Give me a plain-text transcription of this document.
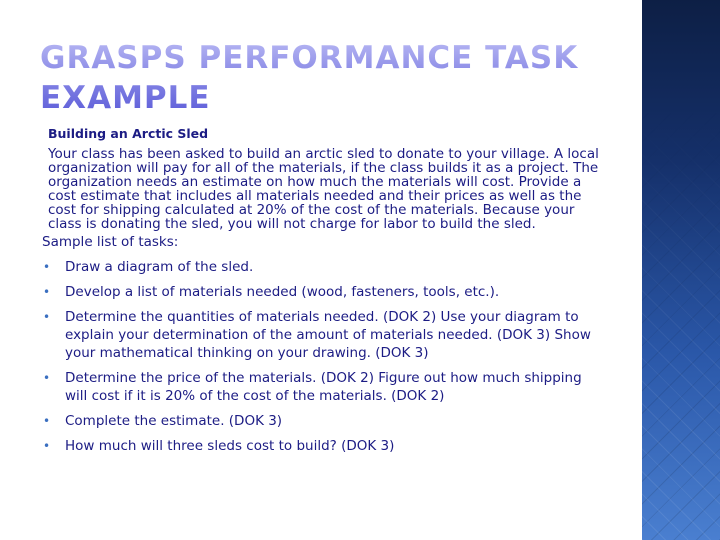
GRASPS PERFORMANCE TASK EXAMPLE
Building an Arctic Sled
Your class has been asked to build an arctic sled to donate to your village. A local organization will pay for all of the materials, if the class builds it as a project. The organization needs an estimate on how much the materials will cost. Provide a cost estimate that includes all materials needed and their prices as well as the cost for shipping calculated at 20% of the cost of the materials. Because your class is donating the sled, you will not charge for labor to build the sled.
Sample list of tasks:
• Draw a diagram of the sled.
• Develop a list of materials needed (wood, fasteners, tools, etc.).
• Determine the quantities of materials needed. (DOK 2) Use your diagram to explain your determination of the amount of materials needed. (DOK 3) Show your mathematical thinking on your drawing. (DOK 3)
• Determine the price of the materials. (DOK 2) Figure out how much shipping will cost if it is 20% of the cost of the materials. (DOK 2)
• Complete the estimate. (DOK 3)
• How much will three sleds cost to build? (DOK 3)
